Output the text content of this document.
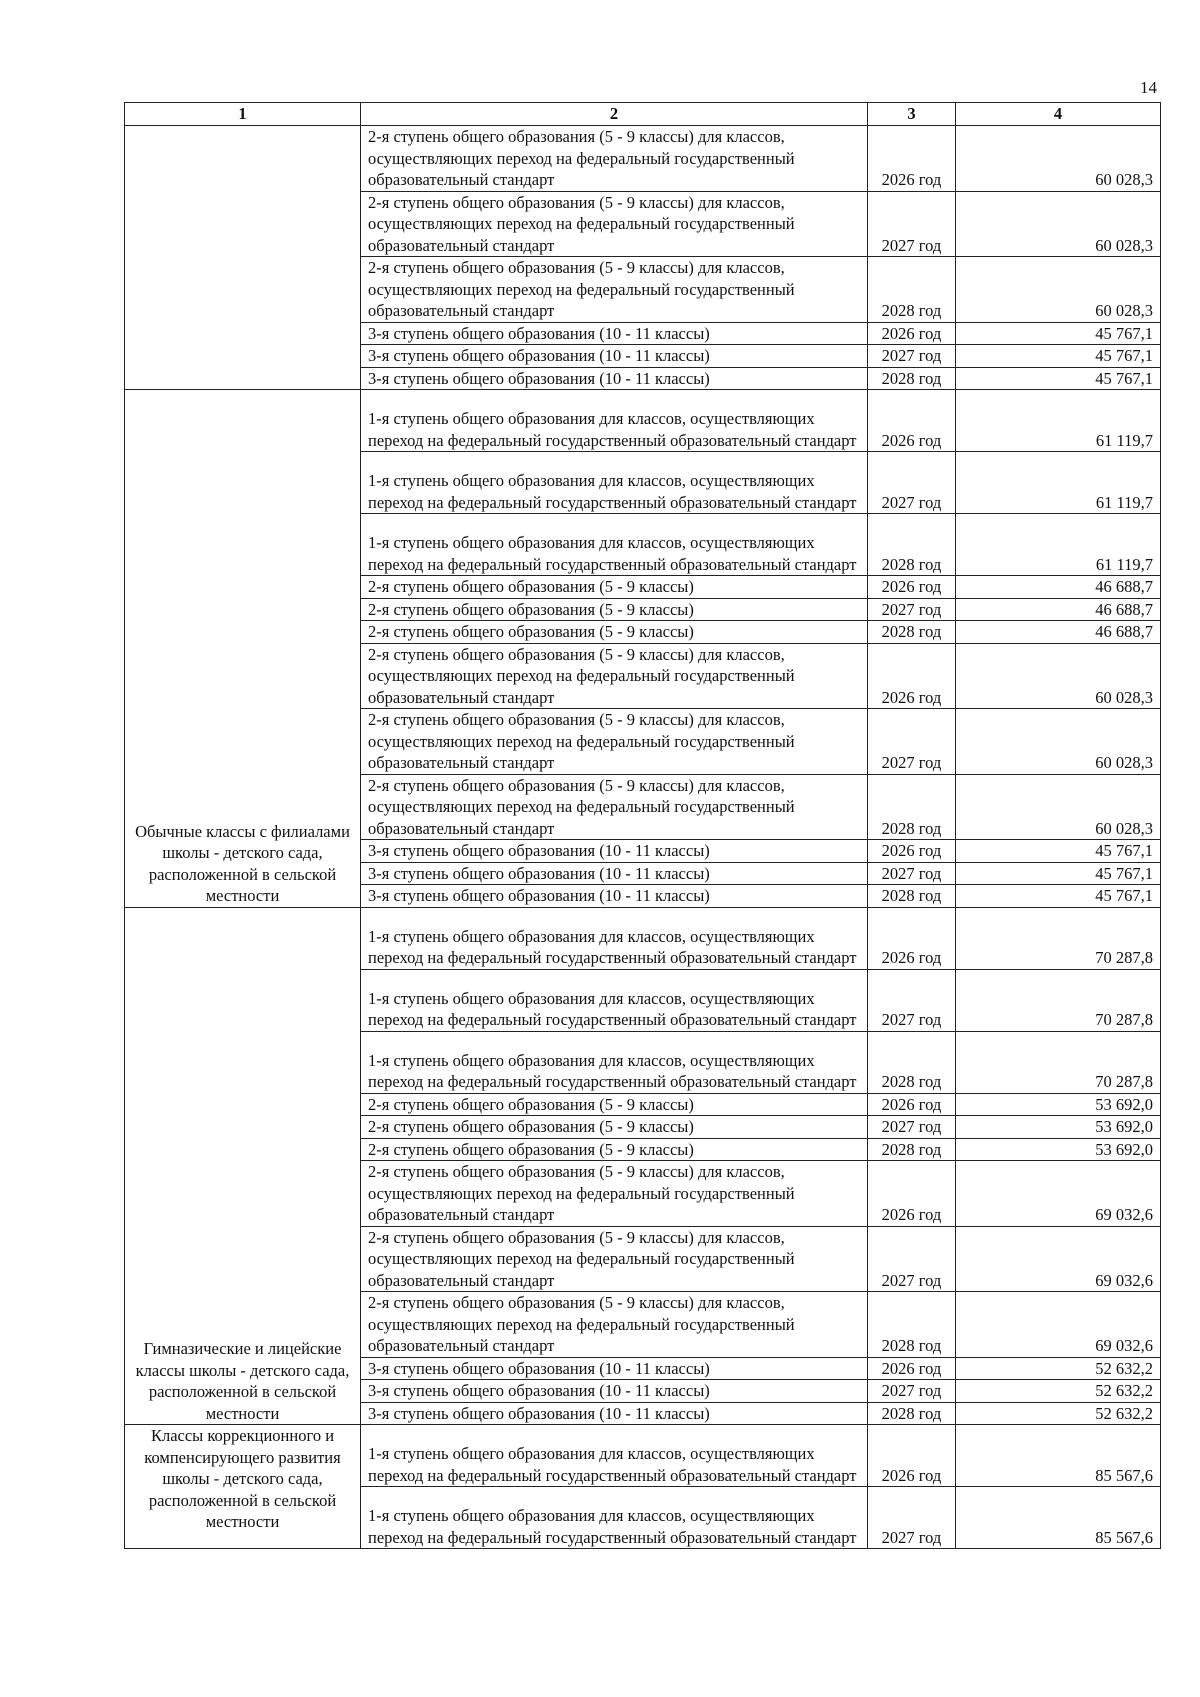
14
1	2	3	4
	2-я ступень общего образования (5 - 9 классы) для классов, осуществляющих переход на федеральный государственный образовательный стандарт	2026 год	60 028,3
	2-я ступень общего образования (5 - 9 классы) для классов, осуществляющих переход на федеральный государственный образовательный стандарт	2027 год	60 028,3
	2-я ступень общего образования (5 - 9 классы) для классов, осуществляющих переход на федеральный государственный образовательный стандарт	2028 год	60 028,3
	3-я ступень общего образования (10 - 11 классы)	2026 год	45 767,1
	3-я ступень общего образования (10 - 11 классы)	2027 год	45 767,1
	3-я ступень общего образования (10 - 11 классы)	2028 год	45 767,1
Обычные классы с филиалами школы - детского сада, расположенной в сельской местности	1-я ступень общего образования для классов, осуществляющих переход на федеральный государственный образовательный стандарт	2026 год	61 119,7
	1-я ступень общего образования для классов, осуществляющих переход на федеральный государственный образовательный стандарт	2027 год	61 119,7
	1-я ступень общего образования для классов, осуществляющих переход на федеральный государственный образовательный стандарт	2028 год	61 119,7
	2-я ступень общего образования (5 - 9 классы)	2026 год	46 688,7
	2-я ступень общего образования (5 - 9 классы)	2027 год	46 688,7
	2-я ступень общего образования (5 - 9 классы)	2028 год	46 688,7
	2-я ступень общего образования (5 - 9 классы) для классов, осуществляющих переход на федеральный государственный образовательный стандарт	2026 год	60 028,3
	2-я ступень общего образования (5 - 9 классы) для классов, осуществляющих переход на федеральный государственный образовательный стандарт	2027 год	60 028,3
	2-я ступень общего образования (5 - 9 классы) для классов, осуществляющих переход на федеральный государственный образовательный стандарт	2028 год	60 028,3
	3-я ступень общего образования (10 - 11 классы)	2026 год	45 767,1
	3-я ступень общего образования (10 - 11 классы)	2027 год	45 767,1
	3-я ступень общего образования (10 - 11 классы)	2028 год	45 767,1
Гимназические и лицейские классы школы - детского сада, расположенной в сельской местности	1-я ступень общего образования для классов, осуществляющих переход на федеральный государственный образовательный стандарт	2026 год	70 287,8
	1-я ступень общего образования для классов, осуществляющих переход на федеральный государственный образовательный стандарт	2027 год	70 287,8
	1-я ступень общего образования для классов, осуществляющих переход на федеральный государственный образовательный стандарт	2028 год	70 287,8
	2-я ступень общего образования (5 - 9 классы)	2026 год	53 692,0
	2-я ступень общего образования (5 - 9 классы)	2027 год	53 692,0
	2-я ступень общего образования (5 - 9 классы)	2028 год	53 692,0
	2-я ступень общего образования (5 - 9 классы) для классов, осуществляющих переход на федеральный государственный образовательный стандарт	2026 год	69 032,6
	2-я ступень общего образования (5 - 9 классы) для классов, осуществляющих переход на федеральный государственный образовательный стандарт	2027 год	69 032,6
	2-я ступень общего образования (5 - 9 классы) для классов, осуществляющих переход на федеральный государственный образовательный стандарт	2028 год	69 032,6
	3-я ступень общего образования (10 - 11 классы)	2026 год	52 632,2
	3-я ступень общего образования (10 - 11 классы)	2027 год	52 632,2
	3-я ступень общего образования (10 - 11 классы)	2028 год	52 632,2
Классы коррекционного и компенсирующего развития школы - детского сада, расположенной в сельской местности	1-я ступень общего образования для классов, осуществляющих переход на федеральный государственный образовательный стандарт	2026 год	85 567,6
	1-я ступень общего образования для классов, осуществляющих переход на федеральный государственный образовательный стандарт	2027 год	85 567,6
